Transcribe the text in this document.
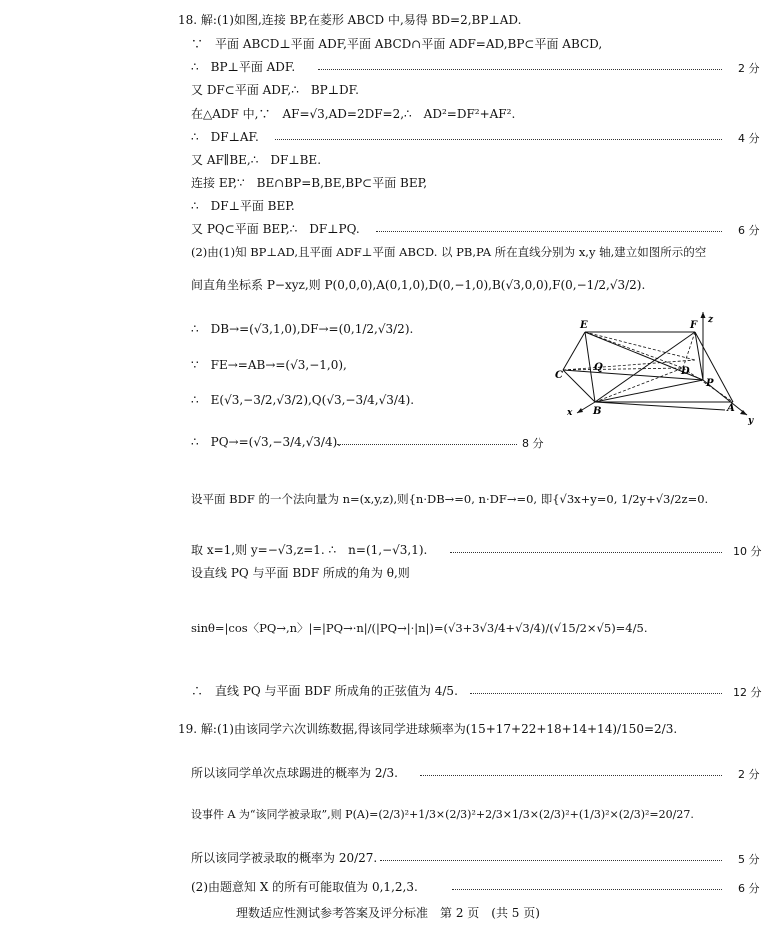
18. 解:(1)如图,连接 BP,在菱形 ABCD 中,易得 BD=2,BP⊥AD.
∵　平面 ABCD⊥平面 ADF,平面 ABCD∩平面 ADF=AD,BP⊂平面 ABCD,
∴　BP⊥平面 ADF.
又 DF⊂平面 ADF,∴　BP⊥DF.
在△ADF 中,∵　AF=√3,AD=2DF=2,∴　AD²=DF²+AF².
∴　DF⊥AF.
又 AF∥BE,∴　DF⊥BE.
连接 EP,∵　BE∩BP=B,BE,BP⊂平面 BEP,
∴　DF⊥平面 BEP.
又 PQ⊂平面 BEP,∴　DF⊥PQ.
(2)由(1)知 BP⊥AD,且平面 ADF⊥平面 ABCD. 以 PB,PA 所在直线分别为 x,y 轴,建立如图所示的空
间直角坐标系 P−xyz,则 P(0,0,0),A(0,1,0),D(0,−1,0),B(√3,0,0),F(0,−1/2,√3/2).
∴　DB→=(√3,1,0),DF→=(0,1/2,√3/2).
∵　FE→=AB→=(√3,−1,0),
∴　E(√3,−3/2,√3/2),Q(√3,−3/4,√3/4).
∴　PQ→=(√3,−3/4,√3/4).
设平面 BDF 的一个法向量为 n=(x,y,z),则{n·DB→=0, n·DF→=0, 即{√3x+y=0, 1/2y+√3/2z=0.
取 x=1,则 y=−√3,z=1. ∴　n=(1,−√3,1).
设直线 PQ 与平面 BDF 所成的角为 θ,则
sinθ=|cos〈PQ→,n〉|=|PQ→·n|/(|PQ→|·|n|)=(√3+3√3/4+√3/4)/(√15/2×√5)=4/5.
∴　直线 PQ 与平面 BDF 所成角的正弦值为 4/5.
19. 解:(1)由该同学六次训练数据,得该同学进球频率为(15+17+22+18+14+14)/150=2/3.
所以该同学单次点球踢进的概率为 2/3.
设事件 A 为“该同学被录取”,则 P(A)=(2/3)²+1/3×(2/3)²+2/3×1/3×(2/3)²+(1/3)²×(2/3)²=20/27.
所以该同学被录取的概率为 20/27.
(2)由题意知 X 的所有可能取值为 0,1,2,3.
2 分
4 分
6 分
8 分
10 分
12 分
2 分
5 分
6 分
E	F z
C
Q	D
P
B	A
x
y
理数适应性测试参考答案及评分标准　第 2 页　(共 5 页)
